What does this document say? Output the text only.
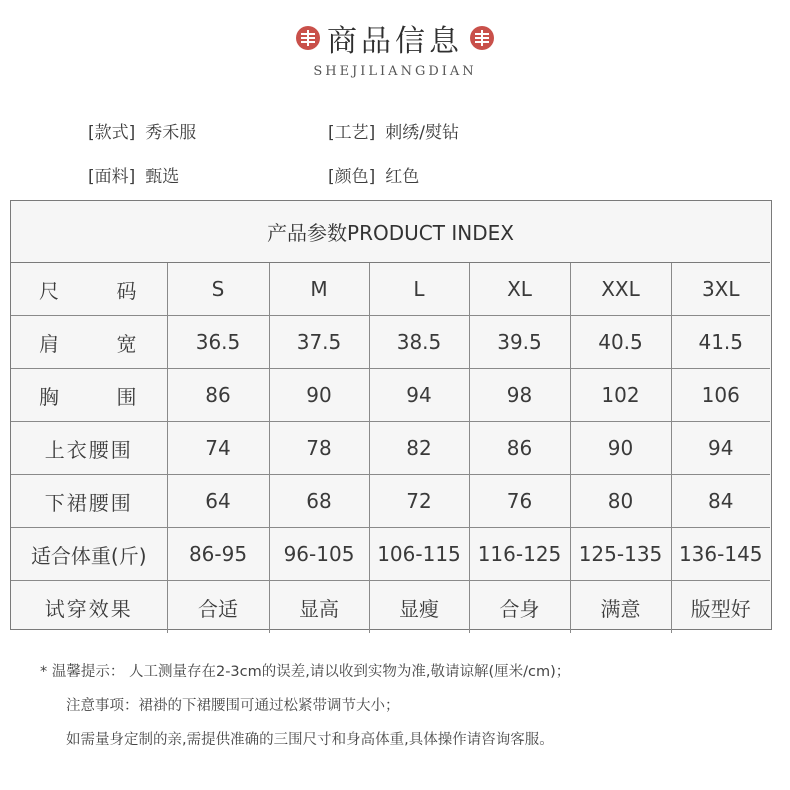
商品信息
SHEJILIANGDIAN
[款式] 秀禾服	[工艺] 刺绣/熨钻
[面料] 甄选	[颜色] 红色
产品参数PRODUCT INDEX
尺　码	S	M	L	XL	XXL	3XL
肩　宽	36.5	37.5	38.5	39.5	40.5	41.5
胸　围	86	90	94	98	102	106
上衣腰围	74	78	82	86	90	94
下裙腰围	64	68	72	76	80	84
适合体重(斤)	86-95	96-105	106-115	116-125	125-135	136-145
试穿效果	合适	显高	显瘦	合身	满意	版型好
* 温馨提示： 人工测量存在2-3cm的误差,请以收到实物为准,敬请谅解(厘米/cm)；
注意事项：裙褂的下裙腰围可通过松紧带调节大小；
如需量身定制的亲,需提供准确的三围尺寸和身高体重,具体操作请咨询客服。
